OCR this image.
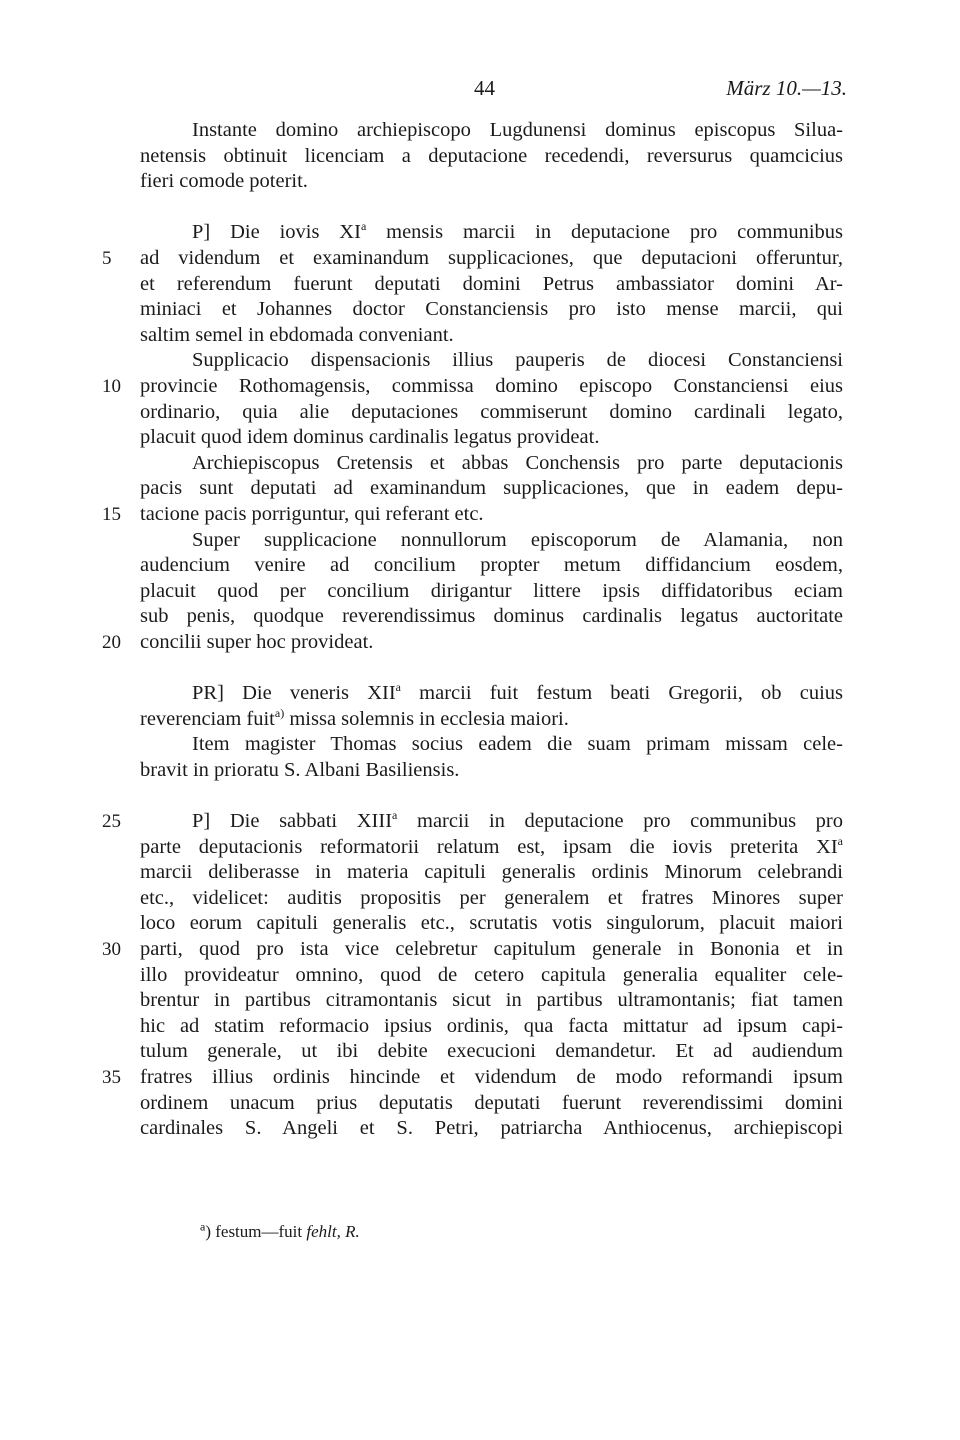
44	März 10.—13.
Instante domino archiepiscopo Lugdunensi dominus episcopus Silua-
netensis obtinuit licenciam a deputacione recedendi, reversurus quamcicius
fieri comode poterit.
P] Die iovis $XI^a$ mensis marcii in deputacione pro communibus
5	ad videndum et examinandum supplicaciones, que deputacioni offeruntur,
et referendum fuerunt deputati domini Petrus ambassiator domini Ar-
miniaci et Johannes doctor Constanciensis pro isto mense marcii, qui
saltim semel in ebdomada conveniant.
Supplicacio dispensacionis illius pauperis de diocesi Constanciensi
10 provincie Rothomagensis, commissa domino episcopo Constanciensi eius
ordinario, quia alie deputaciones commiserunt domino cardinali legato,
placuit quod idem dominus cardinalis legatus provideat.
Archiepiscopus Cretensis et abbas Conchensis pro parte deputacionis
pacis sunt deputati ad examinandum supplicaciones, que in eadem depu-
15 tacione pacis porriguntur, qui referant etc.
Super supplicacione nonnullorum episcoporum de Alamania, non
audencium venire ad concilium propter metum diffidancium eosdem,
placuit quod per concilium dirigantur littere ipsis diffidatoribus eciam
sub penis, quodque reverendissimus dominus cardinalis legatus auctoritate
20 concilii super hoc provideat.
PR] Die veneris XII$^a$ marcii fuit festum beati Gregorii, ob cuius
reverenciam fuit$^{a)}$ missa solemnis in ecclesia maiori.
Item magister Thomas socius eadem die suam primam missam cele-
bravit in prioratu S. Albani Basiliensis.
25	P] Die sabbati XIII$^a$ marcii in deputacione pro communibus pro
parte deputacionis reformatorii relatum est, ipsam die iovis preterita $XI^a$
marcii deliberasse in materia capituli generalis ordinis Minorum celebrandi
etc., videlicet: auditis propositis per generalem et fratres Minores super
loco eorum capituli generalis etc., scrutatis votis singulorum, placuit maiori
30 parti, quod pro ista vice celebretur capitulum generale in Bononia et in
illo provideatur omnino, quod de cetero capitula generalia equaliter cele-
brentur in partibus citramontanis sicut in partibus ultramontanis; fiat tamen
hic ad statim reformacio ipsius ordinis, qua facta mittatur ad ipsum capi-
tulum generale, ut ibi debite execucioni demandetur. Et ad audiendum
35 fratres illius ordinis hincinde et videndum de modo reformandi ipsum
ordinem unacum prius deputatis deputati fuerunt reverendissimi domini
cardinales S. Angeli et S. Petri, patriarcha Anthiocenus, archiepiscopi
$^a$) festum—fuit fehlt, R.
